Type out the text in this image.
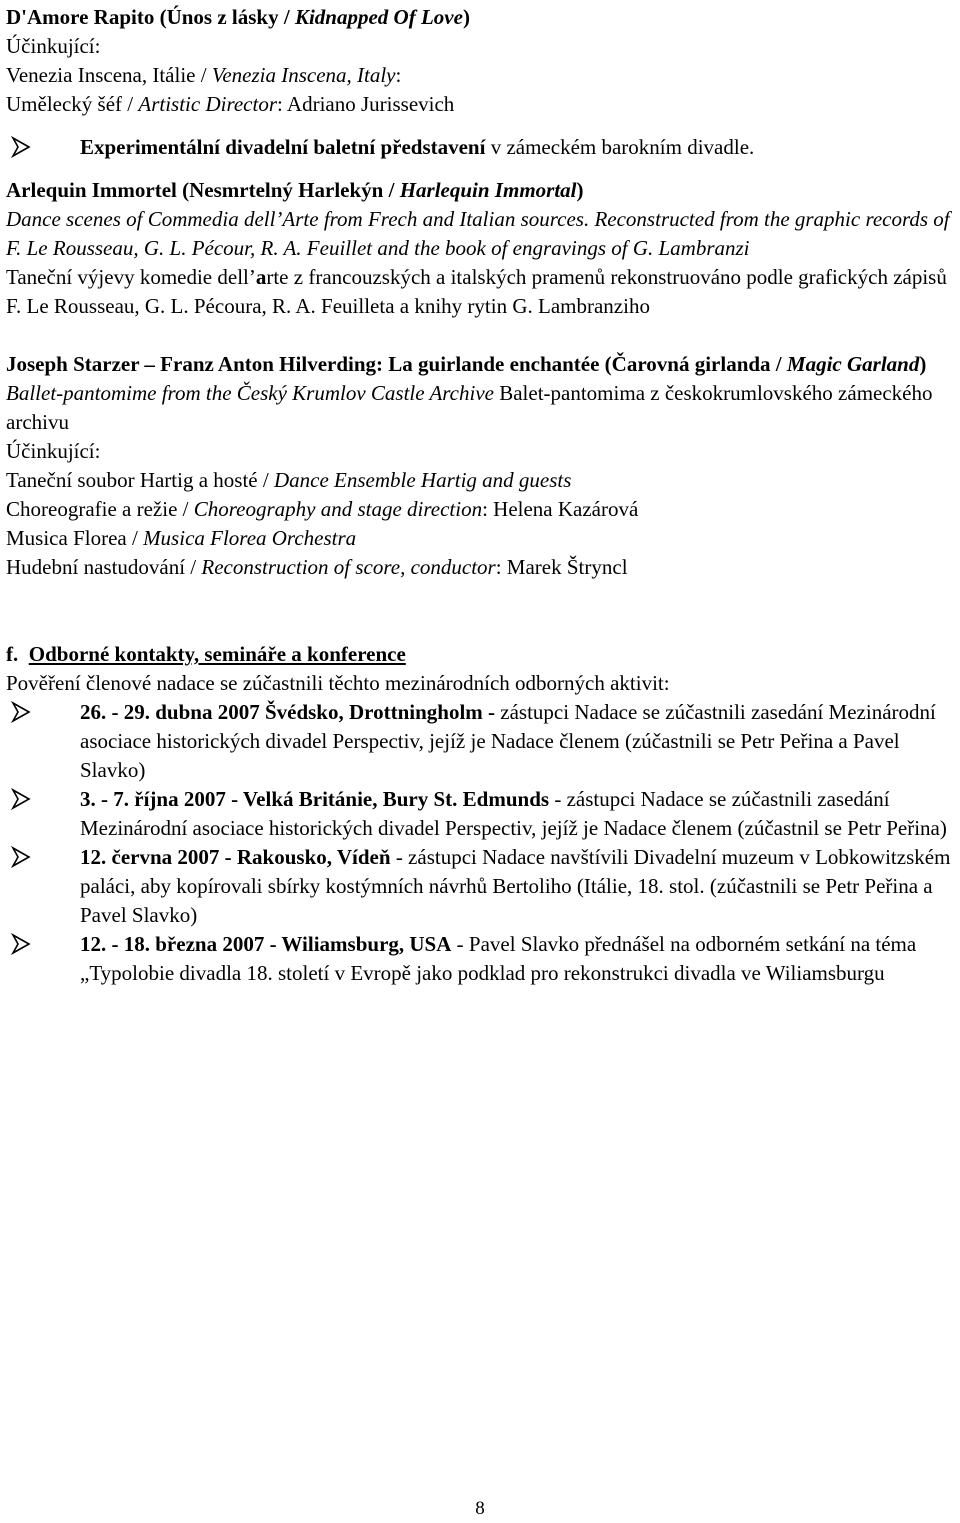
D'Amore Rapito (Únos z lásky / Kidnapped Of Love)
Účinkující:
Venezia Inscena, Itálie / Venezia Inscena, Italy:
Umělecký šéf / Artistic Director: Adriano Jurissevich
Experimentální divadelní baletní představení v zámeckém barokním divadle.
Arlequin Immortel (Nesmrtelný Harlekýn / Harlequin Immortal)
Dance scenes of Commedia dell’Arte from Frech and Italian sources. Reconstructed from the graphic records of F. Le Rousseau, G. L. Pécour, R. A. Feuillet and the book of engravings of G. Lambranzi
Taneční výjevy komedie dell’arte z francouzských a italských pramenů rekonstruováno podle grafických zápisů F. Le Rousseau, G. L. Pécoura, R. A. Feuilleta a knihy rytin G. Lambranziho
Joseph Starzer – Franz Anton Hilverding: La guirlande enchantée (Čarovná girlanda / Magic Garland)
Ballet-pantomime from the Český Krumlov Castle Archive Balet-pantomima z českokrumlovského zámeckého archivu
Účinkující:
Taneční soubor Hartig a hosté / Dance Ensemble Hartig and guests
Choreografie a režie / Choreography and stage direction: Helena Kazárová
Musica Florea / Musica Florea Orchestra
Hudební nastudování / Reconstruction of score, conductor: Marek Štryncl
f. Odborné kontakty, semináře a konference
Pověření členové nadace se zúčastnili těchto mezinárodních odborných aktivit:
26. - 29. dubna 2007 Švédsko, Drottningholm - zástupci Nadace se zúčastnili zasedání Mezinárodní asociace historických divadel Perspectiv, jejíž je Nadace členem (zúčastnili se Petr Peřina a Pavel Slavko)
3. - 7. října 2007 - Velká Británie, Bury St. Edmunds - zástupci Nadace se zúčastnili zasedání Mezinárodní asociace historických divadel Perspectiv, jejíž je Nadace členem (zúčastnil se Petr Peřina)
12. června 2007 - Rakousko, Vídeň - zástupci Nadace navštívili Divadelní muzeum v Lobkowitzském paláci, aby kopírovali sbírky kostýmních návrhů Bertoliho (Itálie, 18. stol. (zúčastnili se Petr Peřina a Pavel Slavko)
12. - 18. března 2007 - Wiliamsburg, USA - Pavel Slavko přednášel na odborném setkání na téma „Typolobie divadla 18. století v Evropě jako podklad pro rekonstrukci divadla ve Wiliamsburgu
8
